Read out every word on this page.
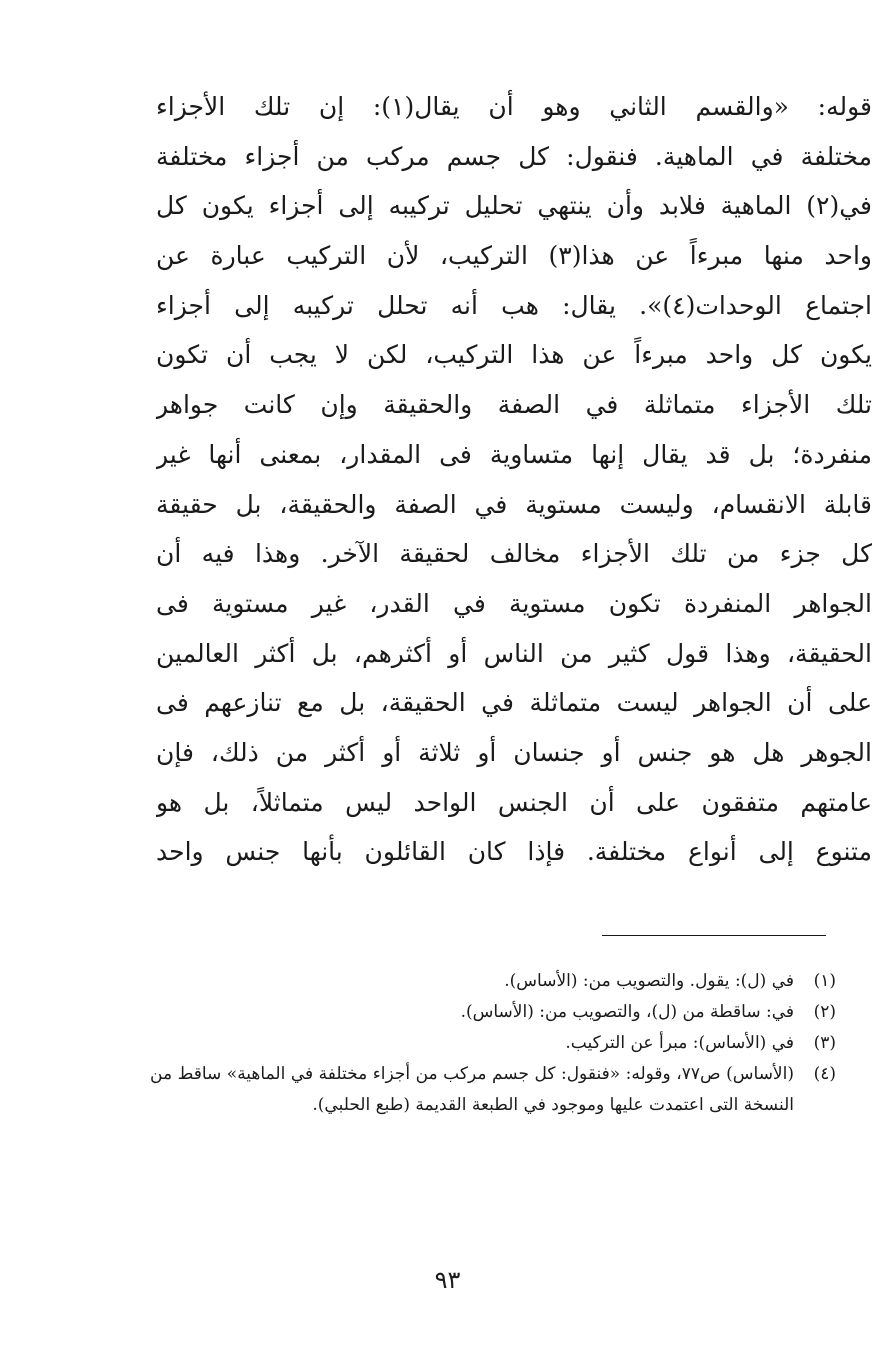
قوله: «والقسم الثاني وهو أن يقال(١): إن تلك الأجزاء
مختلفة في الماهية. فنقول: كل جسم مركب من أجزاء مختلفة
في(٢) الماهية فلابد وأن ينتهي تحليل تركيبه إلى أجزاء يكون كل
واحد منها مبرءاً عن هذا(٣) التركيب، لأن التركيب عبارة عن
اجتماع الوحدات(٤)». يقال: هب أنه تحلل تركيبه إلى أجزاء
يكون كل واحد مبرءاً عن هذا التركيب، لكن لا يجب أن تكون
تلك الأجزاء متماثلة في الصفة والحقيقة وإن كانت جواهر
منفردة؛ بل قد يقال إنها متساوية فى المقدار، بمعنى أنها غير
قابلة الانقسام، وليست مستوية في الصفة والحقيقة، بل حقيقة
كل جزء من تلك الأجزاء مخالف لحقيقة الآخر. وهذا فيه أن
الجواهر المنفردة تكون مستوية في القدر، غير مستوية فى
الحقيقة، وهذا قول كثير من الناس أو أكثرهم، بل أكثر العالمين
على أن الجواهر ليست متماثلة في الحقيقة، بل مع تنازعهم فى
الجوهر هل هو جنس أو جنسان أو ثلاثة أو أكثر من ذلك، فإن
عامتهم متفقون على أن الجنس الواحد ليس متماثلاً، بل هو
متنوع إلى أنواع مختلفة. فإذا كان القائلون بأنها جنس واحد
(١)
في (ل): يقول. والتصويب من: (الأساس).
(٢)
في: ساقطة من (ل)، والتصويب من: (الأساس).
(٣)
في (الأساس): مبرأ عن التركيب.
(٤)
(الأساس) ص٧٧، وقوله: «فنقول: كل جسم مركب من أجزاء مختلفة في الماهية» ساقط من النسخة التى اعتمدت عليها وموجود في الطبعة القديمة (طبع الحلبي).
٩٣
